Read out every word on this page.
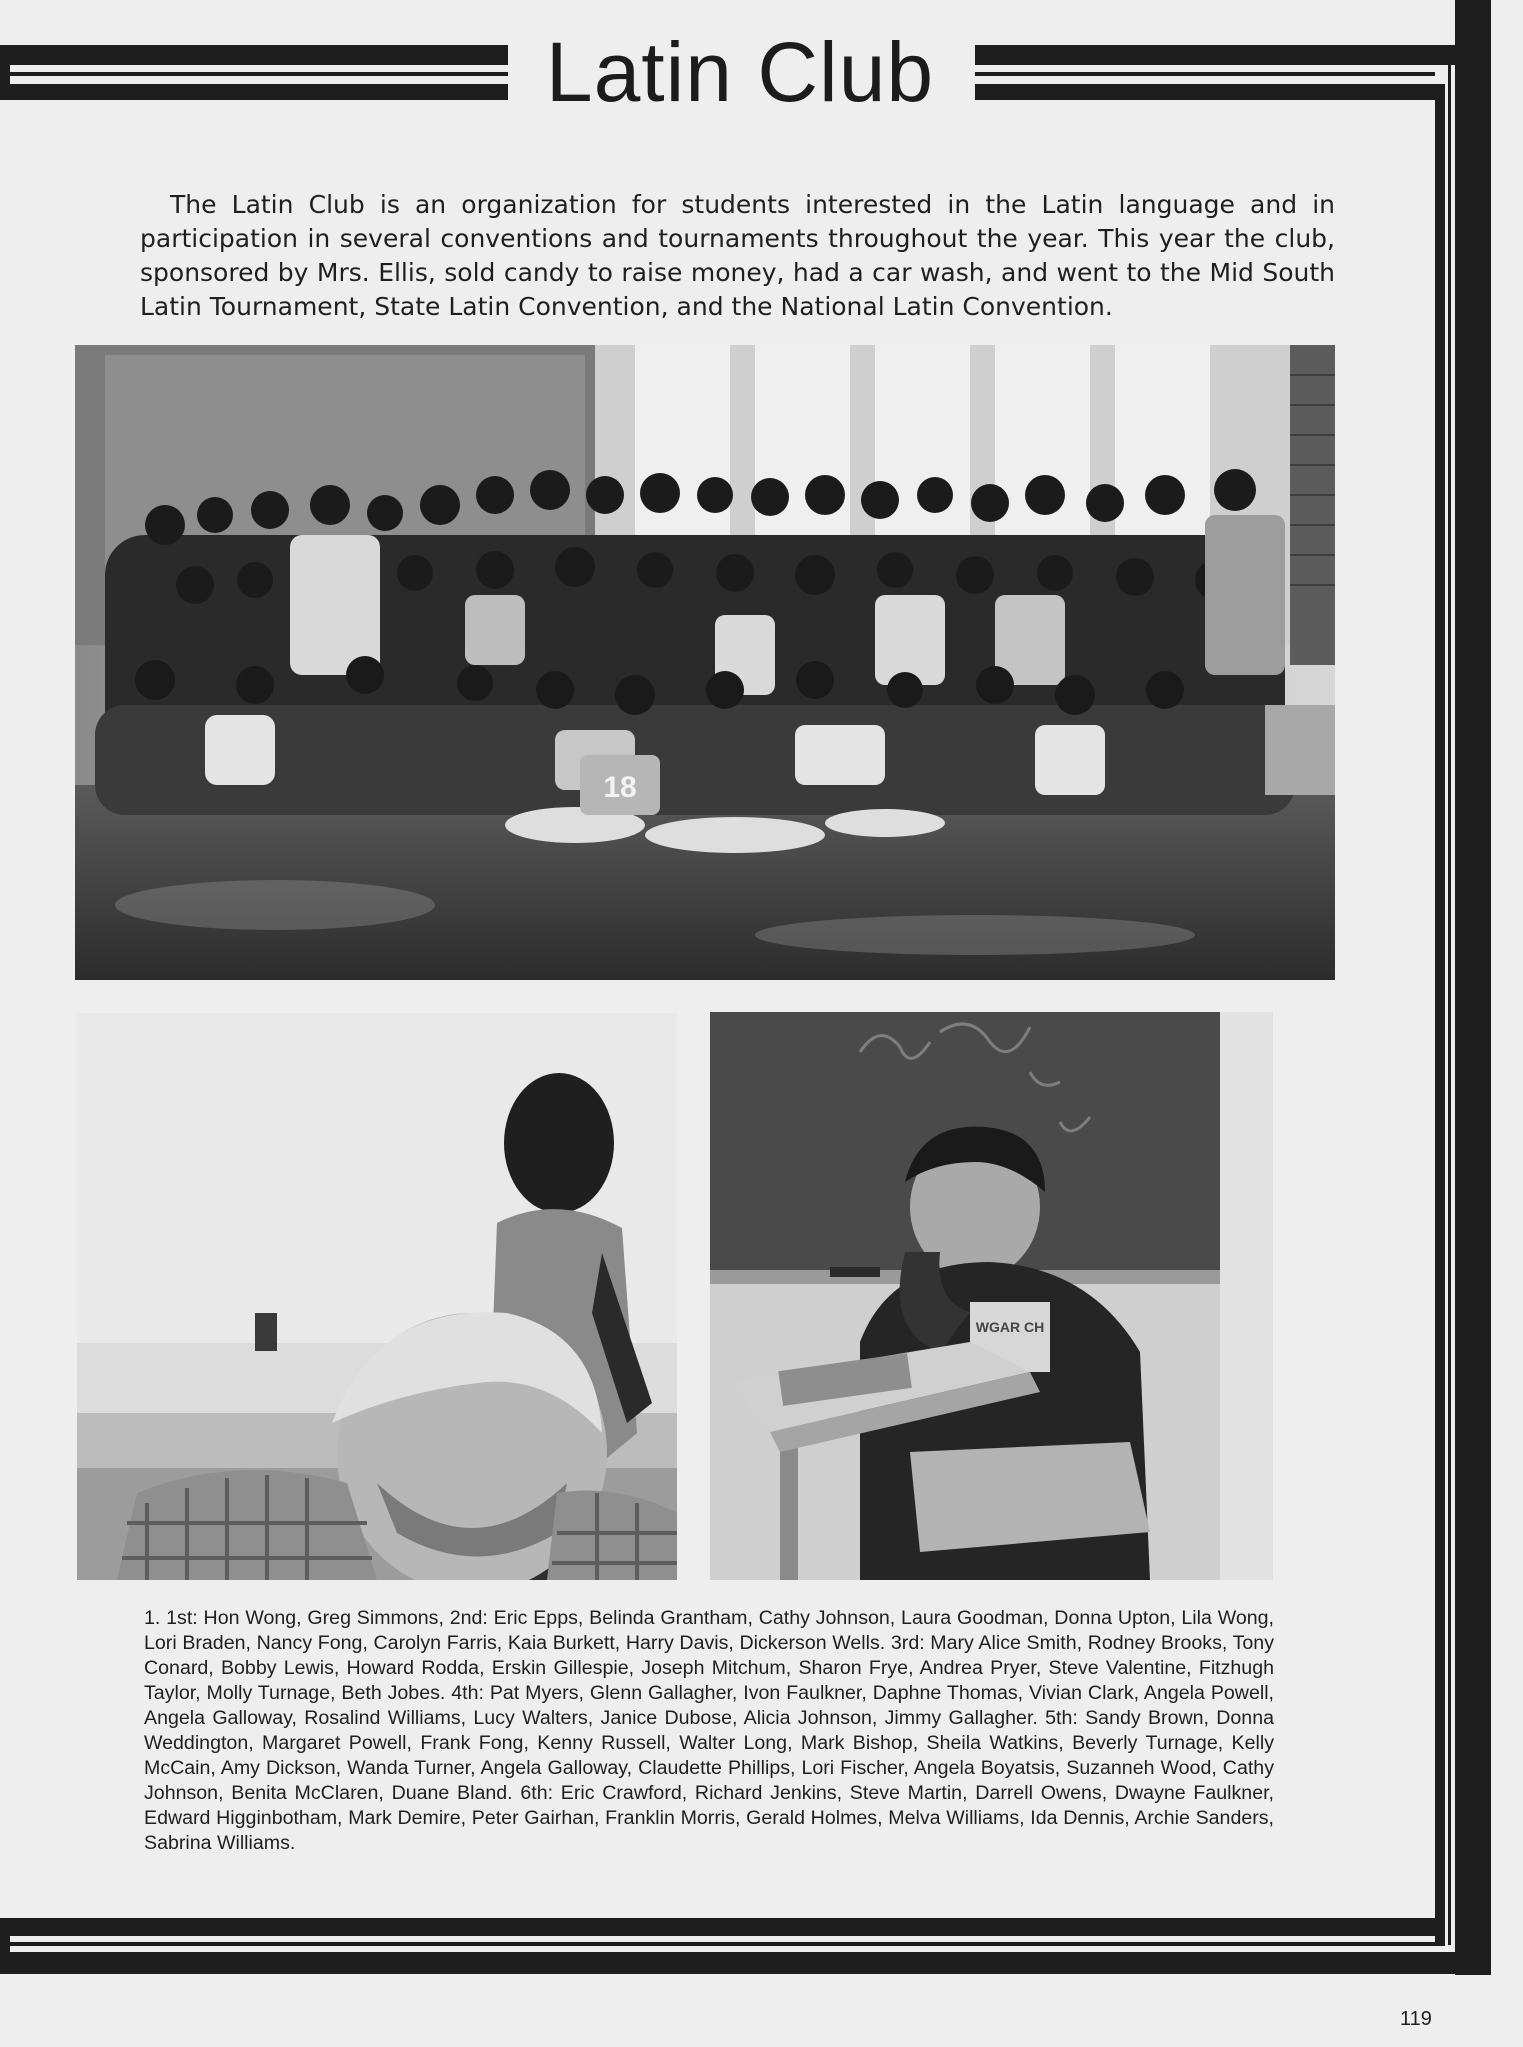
Latin Club

The Latin Club is an organization for students interested in the Latin language and in participation in several conventions and tournaments throughout the year. This year the club, sponsored by Mrs. Ellis, sold candy to raise money, had a car wash, and went to the Mid South Latin Tournament, State Latin Convention, and the National Latin Convention.

18
WGAR CH

1. 1st: Hon Wong, Greg Simmons, 2nd: Eric Epps, Belinda Grantham, Cathy Johnson, Laura Goodman, Donna Upton, Lila Wong, Lori Braden, Nancy Fong, Carolyn Farris, Kaia Burkett, Harry Davis, Dickerson Wells. 3rd: Mary Alice Smith, Rodney Brooks, Tony Conard, Bobby Lewis, Howard Rodda, Erskin Gillespie, Joseph Mitchum, Sharon Frye, Andrea Pryer, Steve Valentine, Fitzhugh Taylor, Molly Turnage, Beth Jobes. 4th: Pat Myers, Glenn Gallagher, Ivon Faulkner, Daphne Thomas, Vivian Clark, Angela Powell, Angela Galloway, Rosalind Williams, Lucy Walters, Janice Dubose, Alicia Johnson, Jimmy Gallagher. 5th: Sandy Brown, Donna Weddington, Margaret Powell, Frank Fong, Kenny Russell, Walter Long, Mark Bishop, Sheila Watkins, Beverly Turnage, Kelly McCain, Amy Dickson, Wanda Turner, Angela Galloway, Claudette Phillips, Lori Fischer, Angela Boyatsis, Suzanneh Wood, Cathy Johnson, Benita McClaren, Duane Bland. 6th: Eric Crawford, Richard Jenkins, Steve Martin, Darrell Owens, Dwayne Faulkner, Edward Higginbotham, Mark Demire, Peter Gairhan, Franklin Morris, Gerald Holmes, Melva Williams, Ida Dennis, Archie Sanders, Sabrina Williams.

119
